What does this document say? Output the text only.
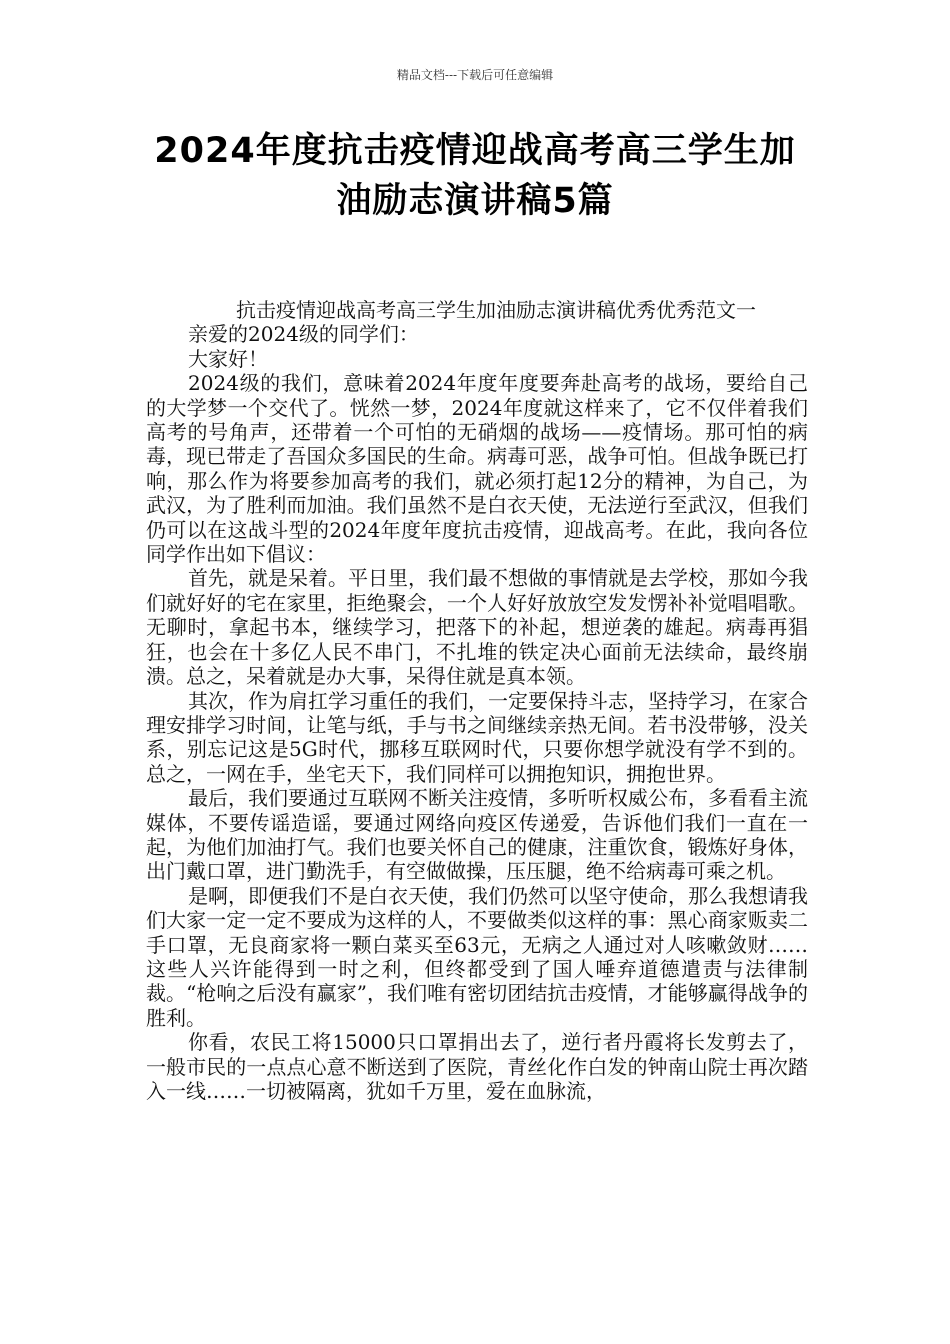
精品文档---下载后可任意编辑
2024年度抗击疫情迎战高考高三学生加
油励志演讲稿5篇

抗击疫情迎战高考高三学生加油励志演讲稿优秀优秀范文一

亲爱的2024级的同学们：

大家好！

2024级的我们，意味着2024年度年度要奔赴高考的战场，要给自己的大学梦一个交代了。恍然一梦，2024年度就这样来了，它不仅伴着我们高考的号角声，还带着一个可怕的无硝烟的战场——疫情场。那可怕的病毒，现已带走了吾国众多国民的生命。病毒可恶，战争可怕。但战争既已打响，那么作为将要参加高考的我们，就必须打起12分的精神，为自己，为武汉，为了胜利而加油。我们虽然不是白衣天使，无法逆行至武汉，但我们仍可以在这战斗型的2024年度年度抗击疫情，迎战高考。在此，我向各位同学作出如下倡议：

首先，就是呆着。平日里，我们最不想做的事情就是去学校，那如今我们就好好的宅在家里，拒绝聚会，一个人好好放放空发发愣补补觉唱唱歌。无聊时，拿起书本，继续学习，把落下的补起，想逆袭的雄起。病毒再猖狂，也会在十多亿人民不串门，不扎堆的铁定决心面前无法续命，最终崩溃。总之，呆着就是办大事，呆得住就是真本领。

其次，作为肩扛学习重任的我们，一定要保持斗志，坚持学习，在家合理安排学习时间，让笔与纸，手与书之间继续亲热无间。若书没带够，没关系，别忘记这是5G时代，挪移互联网时代，只要你想学就没有学不到的。总之，一网在手，坐宅天下，我们同样可以拥抱知识，拥抱世界。

最后，我们要通过互联网不断关注疫情，多听听权威公布，多看看主流媒体，不要传谣造谣，要通过网络向疫区传递爱，告诉他们我们一直在一起，为他们加油打气。我们也要关怀自己的健康，注重饮食，锻炼好身体，出门戴口罩，进门勤洗手，有空做做操，压压腿，绝不给病毒可乘之机。

是啊，即便我们不是白衣天使，我们仍然可以坚守使命，那么我想请我们大家一定一定不要成为这样的人，不要做类似这样的事：黑心商家贩卖二手口罩，无良商家将一颗白菜买至63元，无病之人通过对人咳嗽敛财……这些人兴许能得到一时之利，但终都受到了国人唾弃道德遣责与法律制裁。“枪响之后没有赢家”，我们唯有密切团结抗击疫情，才能够赢得战争的胜利。

你看，农民工将15000只口罩捐出去了，逆行者丹霞将长发剪去了，一般市民的一点点心意不断送到了医院，青丝化作白发的钟南山院士再次踏入一线……一切被隔离，犹如千万里，爱在血脉流，
